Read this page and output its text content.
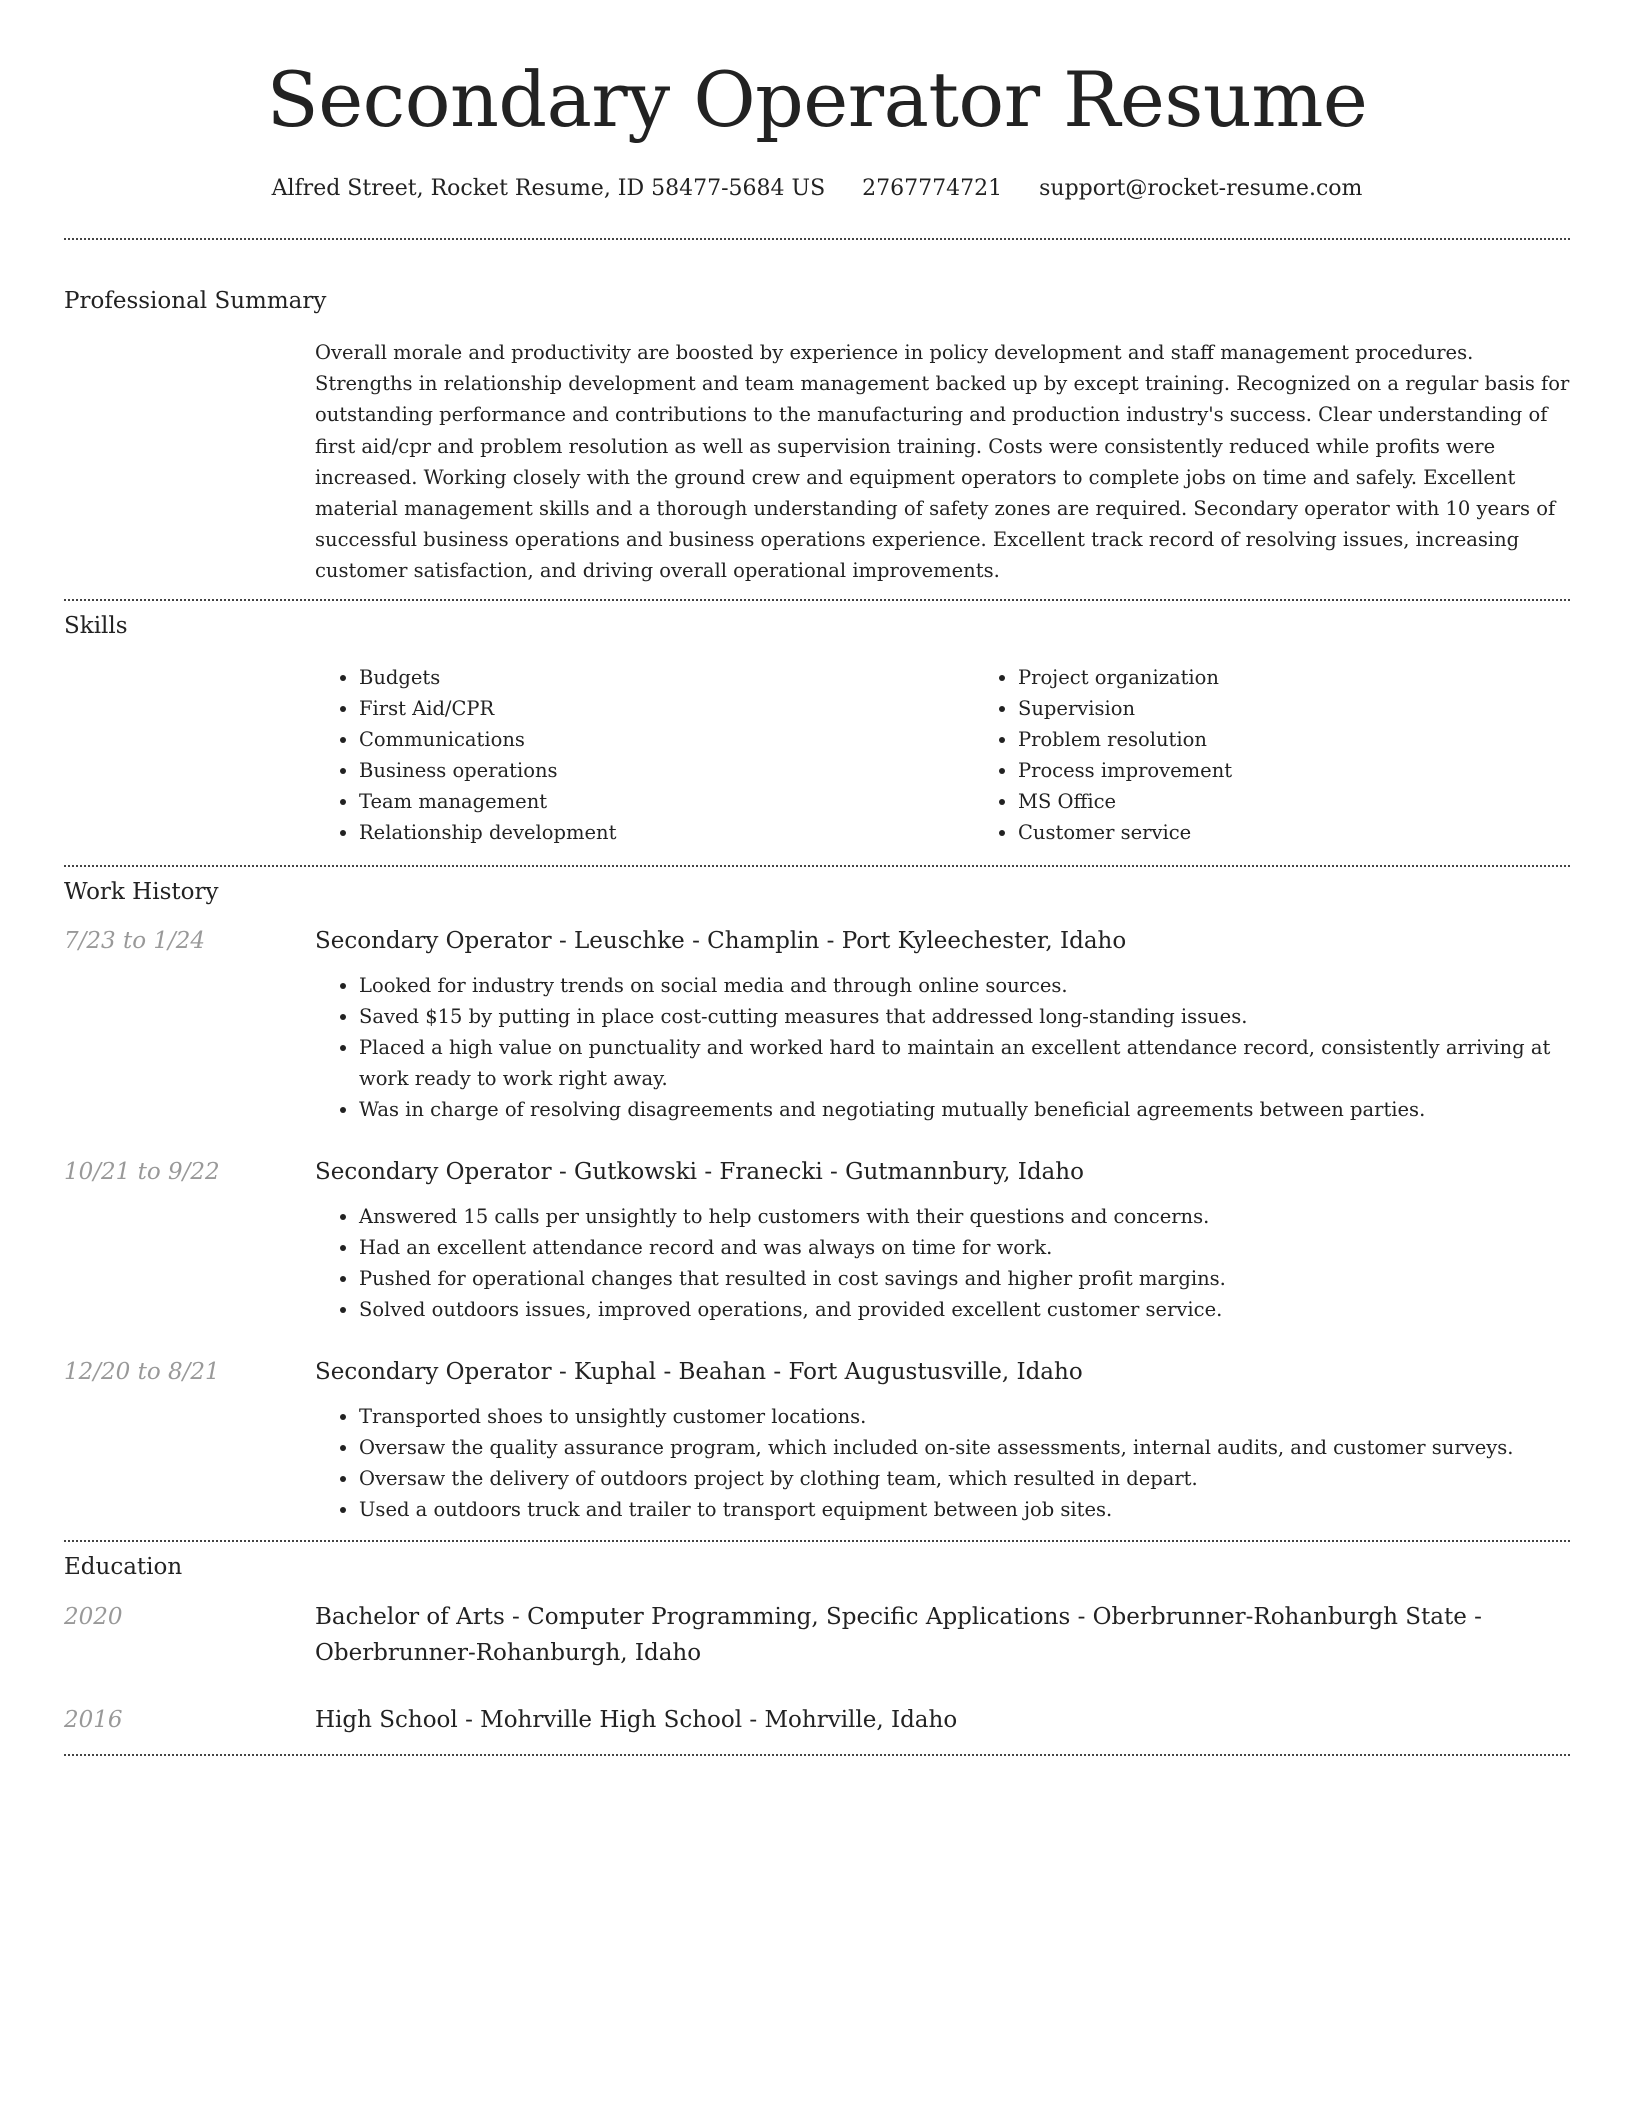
Secondary Operator Resume
Alfred Street, Rocket Resume, ID 58477-5684 US 2767774721 support@rocket-resume.com
Professional Summary

Overall morale and productivity are boosted by experience in policy development and staff management procedures. Strengths in relationship development and team management backed up by except training. Recognized on a regular basis for outstanding performance and contributions to the manufacturing and production industry's success. Clear understanding of first aid/cpr and problem resolution as well as supervision training. Costs were consistently reduced while profits were increased. Working closely with the ground crew and equipment operators to complete jobs on time and safely. Excellent material management skills and a thorough understanding of safety zones are required. Secondary operator with 10 years of successful business operations and business operations experience. Excellent track record of resolving issues, increasing customer satisfaction, and driving overall operational improvements.

Skills
• Budgets
• First Aid/CPR
• Communications
• Business operations
• Team management
• Relationship development
• Project organization
• Supervision
• Problem resolution
• Process improvement
• MS Office
• Customer service
Work History
7/23 to 1/24	Secondary Operator - Leuschke - Champlin - Port Kyleechester, Idaho
• Looked for industry trends on social media and through online sources.
• Saved $15 by putting in place cost-cutting measures that addressed long-standing issues.
• Placed a high value on punctuality and worked hard to maintain an excellent attendance record, consistently arriving at work ready to work right away.
• Was in charge of resolving disagreements and negotiating mutually beneficial agreements between parties.
10/21 to 9/22	Secondary Operator - Gutkowski - Franecki - Gutmannbury, Idaho
• Answered 15 calls per unsightly to help customers with their questions and concerns.
• Had an excellent attendance record and was always on time for work.
• Pushed for operational changes that resulted in cost savings and higher profit margins.
• Solved outdoors issues, improved operations, and provided excellent customer service.
12/20 to 8/21	Secondary Operator - Kuphal - Beahan - Fort Augustusville, Idaho
• Transported shoes to unsightly customer locations.
• Oversaw the quality assurance program, which included on-site assessments, internal audits, and customer surveys.
• Oversaw the delivery of outdoors project by clothing team, which resulted in depart.
• Used a outdoors truck and trailer to transport equipment between job sites.
Education
2020	Bachelor of Arts - Computer Programming, Specific Applications - Oberbrunner-Rohanburgh State - Oberbrunner-Rohanburgh, Idaho
2016	High School - Mohrville High School - Mohrville, Idaho
